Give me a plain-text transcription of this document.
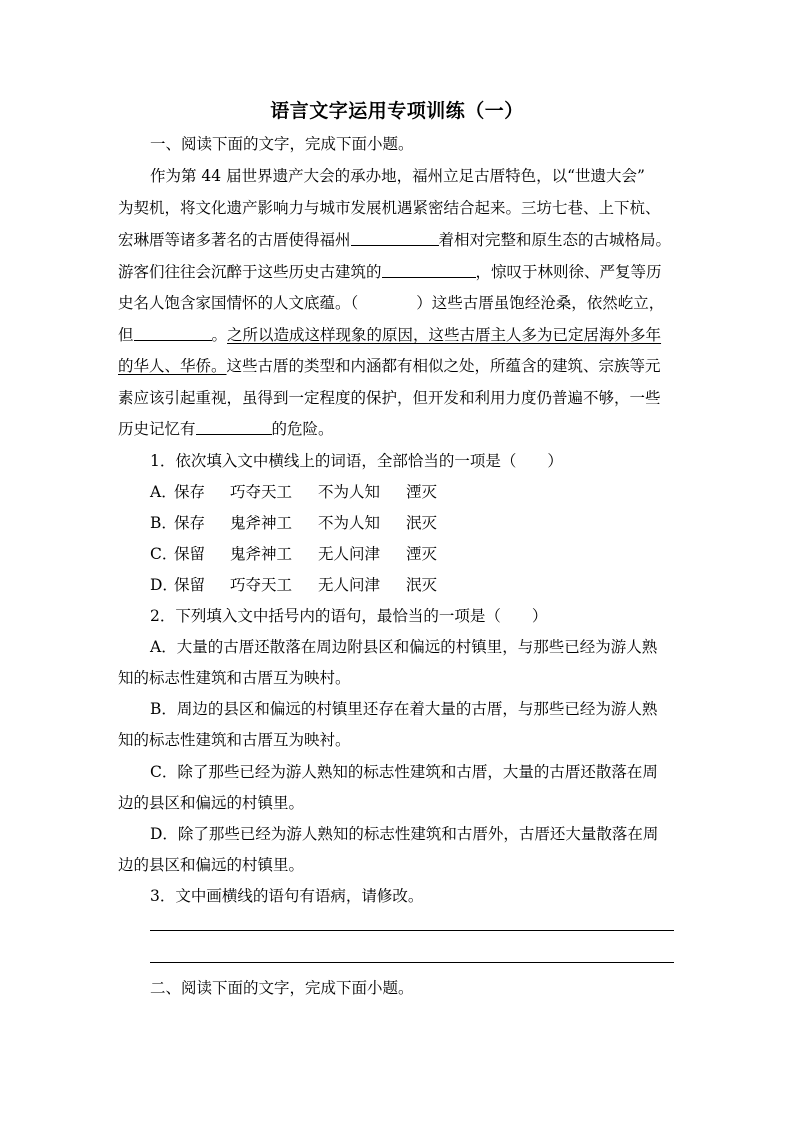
语言文字运用专项训练（一）
一、阅读下面的文字，完成下面小题。
作为第 44 届世界遗产大会的承办地，福州立足古厝特色，以“世遗大会”
为契机，将文化遗产影响力与城市发展机遇紧密结合起来。三坊七巷、上下杭、
宏琳厝等诸多著名的古厝使得福州	着相对完整和原生态的古城格局。
游客们往往会沉醉于这些历史古建筑的	，惊叹于林则徐、严复等历
史名人饱含家国情怀的人文底蕴。（	）这些古厝虽饱经沧桑，依然屹立，
但	。之所以造成这样现象的原因，这些古厝主人多为已定居海外多年
的华人、华侨。这些古厝的类型和内涵都有相似之处，所蕴含的建筑、宗族等元
素应该引起重视，虽得到一定程度的保护，但开发和利用力度仍普遍不够，一些
历史记忆有	的危险。
1．依次填入文中横线上的词语，全部恰当的一项是（　　）
A．保存 巧夺天工 不为人知 湮灭
B．保存 鬼斧神工 不为人知 泯灭
C．保留 鬼斧神工 无人问津 湮灭
D．保留 巧夺天工 无人问津 泯灭
2．下列填入文中括号内的语句，最恰当的一项是（　　）
A．大量的古厝还散落在周边附县区和偏远的村镇里，与那些已经为游人熟
知的标志性建筑和古厝互为映村。
B．周边的县区和偏远的村镇里还存在着大量的古厝，与那些已经为游人熟
知的标志性建筑和古厝互为映衬。
C．除了那些已经为游人熟知的标志性建筑和古厝，大量的古厝还散落在周
边的县区和偏远的村镇里。
D．除了那些已经为游人熟知的标志性建筑和古厝外，古厝还大量散落在周
边的县区和偏远的村镇里。
3．文中画横线的语句有语病，请修改。
二、阅读下面的文字，完成下面小题。
